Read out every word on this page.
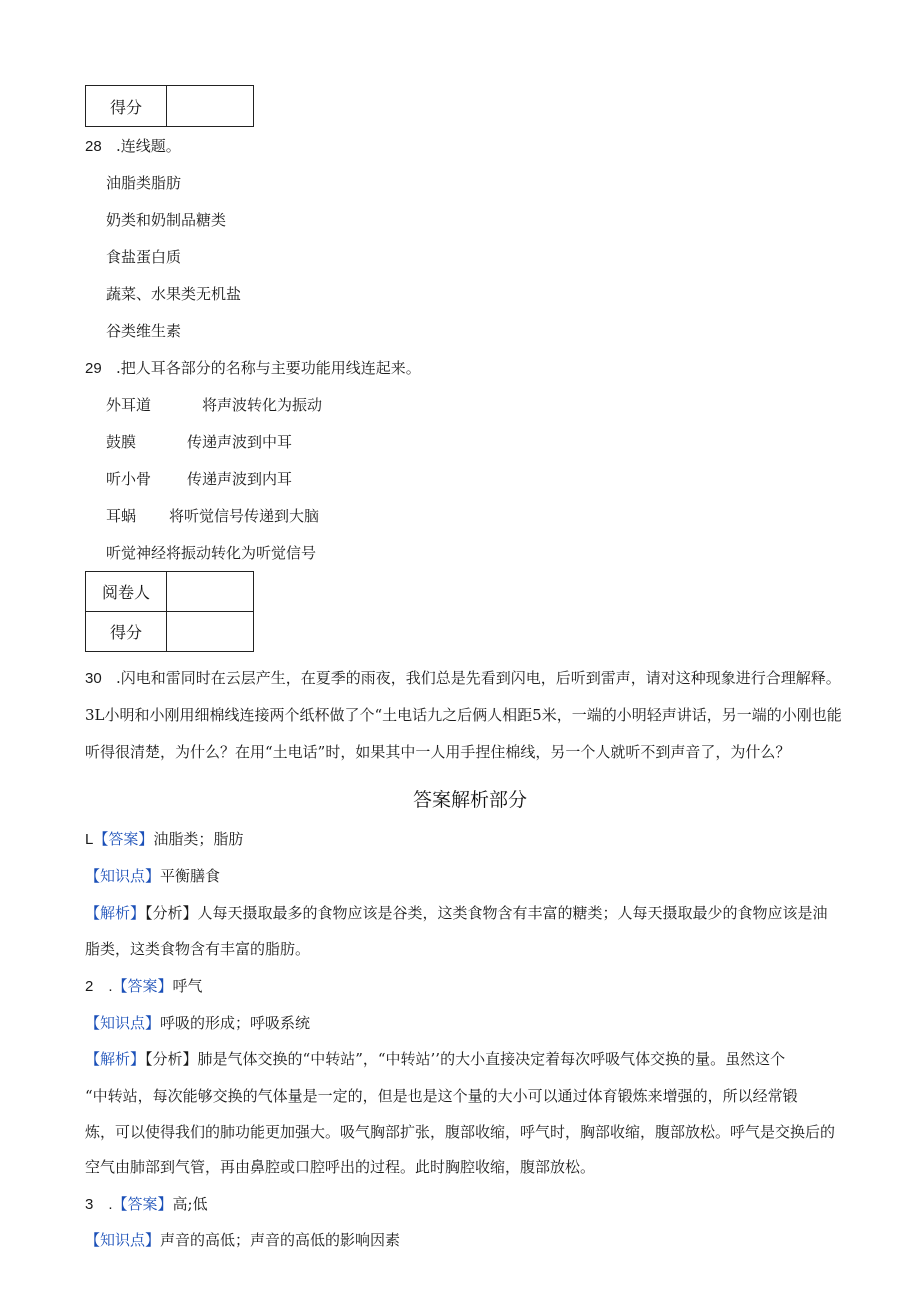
得分	
28 .连线题。
油脂类脂肪
奶类和奶制品糖类
食盐蛋白质
蔬菜、水果类无机盐
谷类维生素
29 .把人耳各部分的名称与主要功能用线连起来。
外耳道	将声波转化为振动
鼓膜	传递声波到中耳
听小骨 传递声波到内耳
耳蜗 将听觉信号传递到大脑
听觉神经将振动转化为听觉信号
阅卷人	
得分	
30 .闪电和雷同时在云层产生，在夏季的雨夜，我们总是先看到闪电，后听到雷声，请对这种现象进行合理解释。
3L小明和小刚用细棉线连接两个纸杯做了个“土电话九之后俩人相距5米，一端的小明轻声讲话，另一端的小刚也能
听得很清楚，为什么？在用“土电话”时，如果其中一人用手捏住棉线，另一个人就听不到声音了，为什么？
答案解析部分
L【答案】油脂类；脂肪
【知识点】平衡膳食
【解析】【分析】人每天摄取最多的食物应该是谷类，这类食物含有丰富的糖类；人每天摄取最少的食物应该是油
脂类，这类食物含有丰富的脂肪。
2　.【答案】呼气
【知识点】呼吸的形成；呼吸系统
【解析】【分析】肺是气体交换的“中转站”，“中转站’’的大小直接决定着每次呼吸气体交换的量。虽然这个
“中转站，每次能够交换的气体量是一定的，但是也是这个量的大小可以通过体育锻炼来增强的，所以经常锻
炼，可以使得我们的肺功能更加强大。吸气胸部扩张，腹部收缩，呼气时，胸部收缩，腹部放松。呼气是交换后的
空气由肺部到气管，再由鼻腔或口腔呼出的过程。此时胸腔收缩，腹部放松。
3　.【答案】高;低
【知识点】声音的高低；声音的高低的影响因素
